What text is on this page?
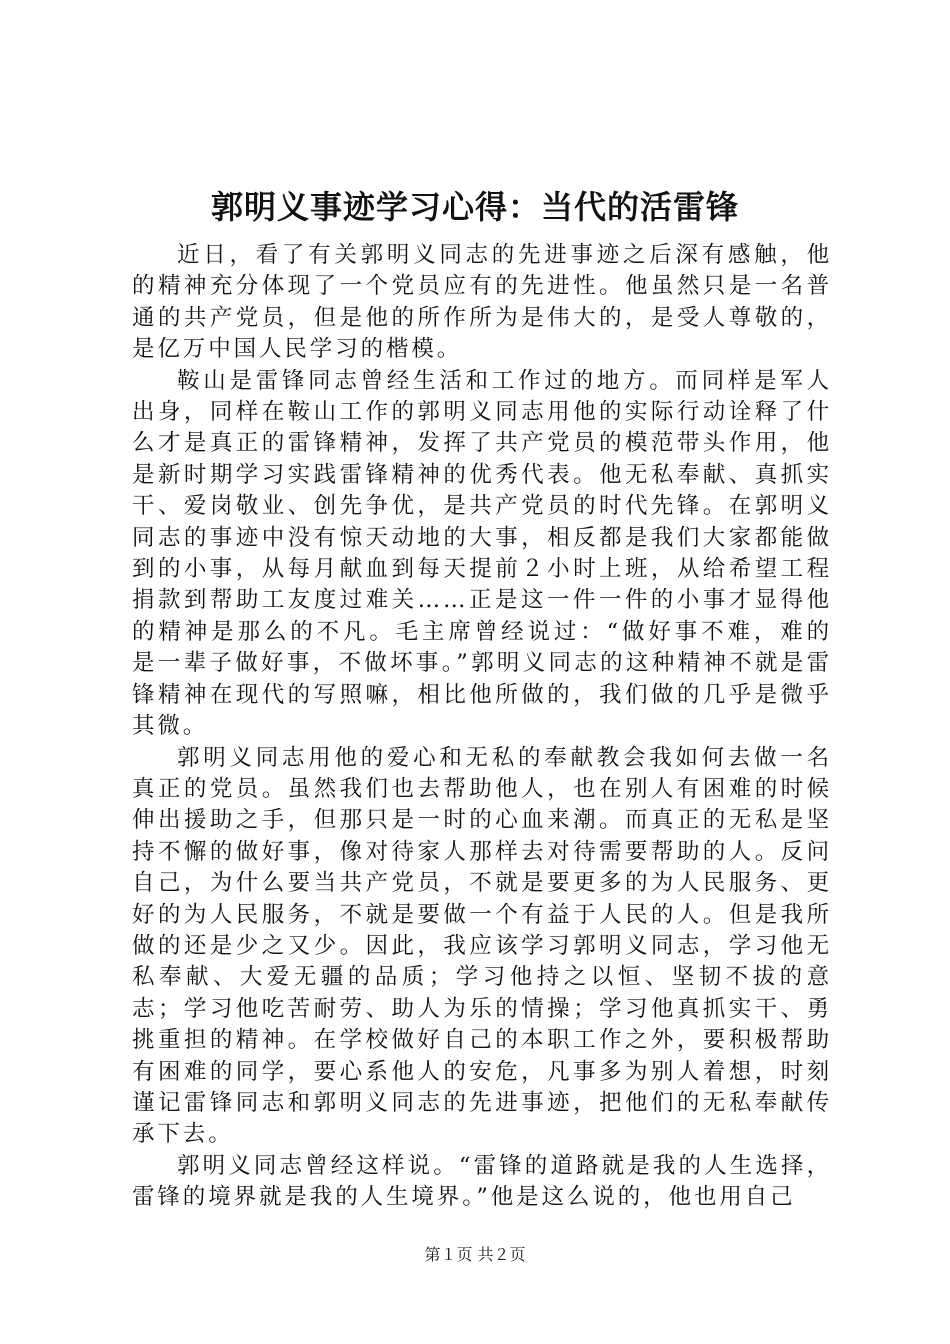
郭明义事迹学习心得：当代的活雷锋

近日，看了有关郭明义同志的先进事迹之后深有感触，他的精神充分体现了一个党员应有的先进性。他虽然只是一名普通的共产党员，但是他的所作所为是伟大的，是受人尊敬的，是亿万中国人民学习的楷模。

鞍山是雷锋同志曾经生活和工作过的地方。而同样是军人出身，同样在鞍山工作的郭明义同志用他的实际行动诠释了什么才是真正的雷锋精神，发挥了共产党员的模范带头作用，他是新时期学习实践雷锋精神的优秀代表。他无私奉献、真抓实干、爱岗敬业、创先争优，是共产党员的时代先锋。在郭明义同志的事迹中没有惊天动地的大事，相反都是我们大家都能做到的小事，从每月献血到每天提前２小时上班，从给希望工程捐款到帮助工友度过难关……正是这一件一件的小事才显得他的精神是那么的不凡。毛主席曾经说过：“做好事不难，难的是一辈子做好事，不做坏事。”郭明义同志的这种精神不就是雷锋精神在现代的写照嘛，相比他所做的，我们做的几乎是微乎其微。

郭明义同志用他的爱心和无私的奉献教会我如何去做一名真正的党员。虽然我们也去帮助他人，也在别人有困难的时候伸出援助之手，但那只是一时的心血来潮。而真正的无私是坚持不懈的做好事，像对待家人那样去对待需要帮助的人。反问自己，为什么要当共产党员，不就是要更多的为人民服务、更好的为人民服务，不就是要做一个有益于人民的人。但是我所做的还是少之又少。因此，我应该学习郭明义同志，学习他无私奉献、大爱无疆的品质；学习他持之以恒、坚韧不拔的意志；学习他吃苦耐劳、助人为乐的情操；学习他真抓实干、勇挑重担的精神。在学校做好自己的本职工作之外，要积极帮助有困难的同学，要心系他人的安危，凡事多为别人着想，时刻谨记雷锋同志和郭明义同志的先进事迹，把他们的无私奉献传承下去。

郭明义同志曾经这样说。“雷锋的道路就是我的人生选择，雷锋的境界就是我的人生境界。”他是这么说的，他也用自己

第１页 共２页
